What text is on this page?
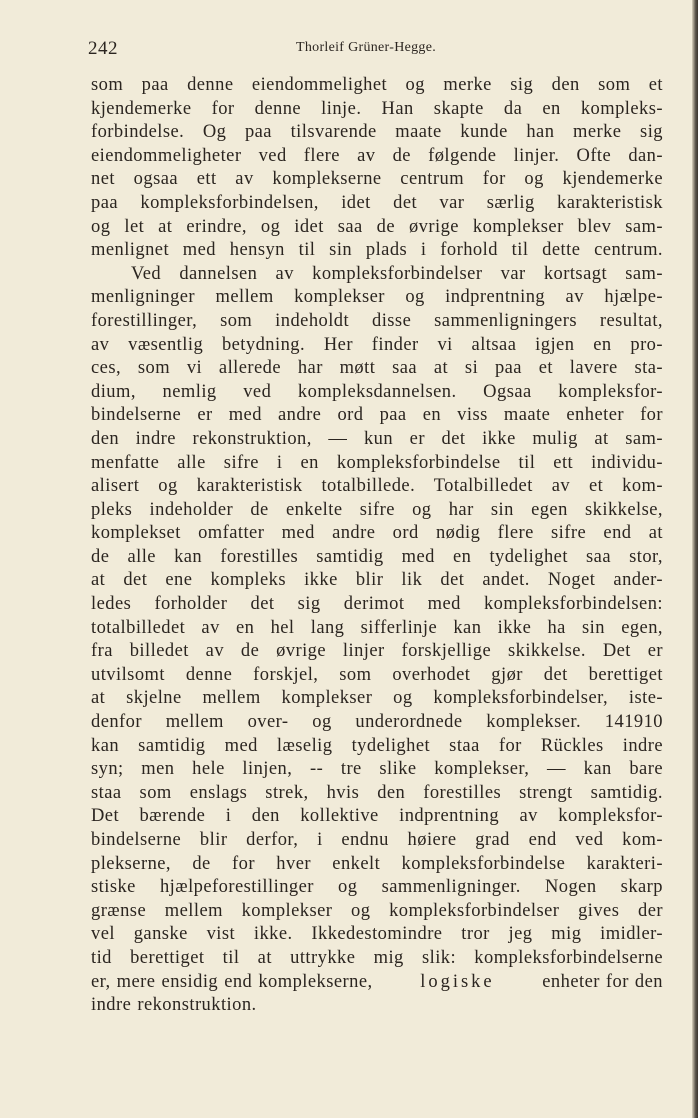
242	Thorleif Grüner-Hegge.
som paa denne eiendommelighet og merke sig den som et
kjendemerke for denne linje. Han skapte da en kompleks-
forbindelse. Og paa tilsvarende maate kunde han merke sig
eiendommeligheter ved flere av de følgende linjer. Ofte dan-
net ogsaa ett av komplekserne centrum for og kjendemerke
paa kompleksforbindelsen, idet det var særlig karakteristisk
og let at erindre, og idet saa de øvrige komplekser blev sam-
menlignet med hensyn til sin plads i forhold til dette centrum.
Ved dannelsen av kompleksforbindelser var kortsagt sam-
menligninger mellem komplekser og indprentning av hjælpe-
forestillinger, som indeholdt disse sammenligningers resultat,
av væsentlig betydning. Her finder vi altsaa igjen en pro-
ces, som vi allerede har møtt saa at si paa et lavere sta-
dium, nemlig ved kompleksdannelsen. Ogsaa kompleksfor-
bindelserne er med andre ord paa en viss maate enheter for
den indre rekonstruktion, — kun er det ikke mulig at sam-
menfatte alle sifre i en kompleksforbindelse til ett individu-
alisert og karakteristisk totalbillede. Totalbilledet av et kom-
pleks indeholder de enkelte sifre og har sin egen skikkelse,
komplekset omfatter med andre ord nødig flere sifre end at
de alle kan forestilles samtidig med en tydelighet saa stor,
at det ene kompleks ikke blir lik det andet. Noget ander-
ledes forholder det sig derimot med kompleksforbindelsen:
totalbilledet av en hel lang sifferlinje kan ikke ha sin egen,
fra billedet av de øvrige linjer forskjellige skikkelse. Det er
utvilsomt denne forskjel, som overhodet gjør det berettiget
at skjelne mellem komplekser og kompleksforbindelser, iste-
denfor mellem over- og underordnede komplekser. 141910
kan samtidig med læselig tydelighet staa for Rückles indre
syn; men hele linjen, -- tre slike komplekser, — kan bare
staa som enslags strek, hvis den forestilles strengt samtidig.
Det bærende i den kollektive indprentning av kompleksfor-
bindelserne blir derfor, i endnu høiere grad end ved kom-
plekserne, de for hver enkelt kompleksforbindelse karakteri-
stiske hjælpeforestillinger og sammenligninger. Nogen skarp
grænse mellem komplekser og kompleksforbindelser gives der
vel ganske vist ikke. Ikkedestomindre tror jeg mig imidler-
tid berettiget til at uttrykke mig slik: kompleksforbindelserne
er, mere ensidig end komplekserne,	logiske	enheter for den
indre rekonstruktion.
